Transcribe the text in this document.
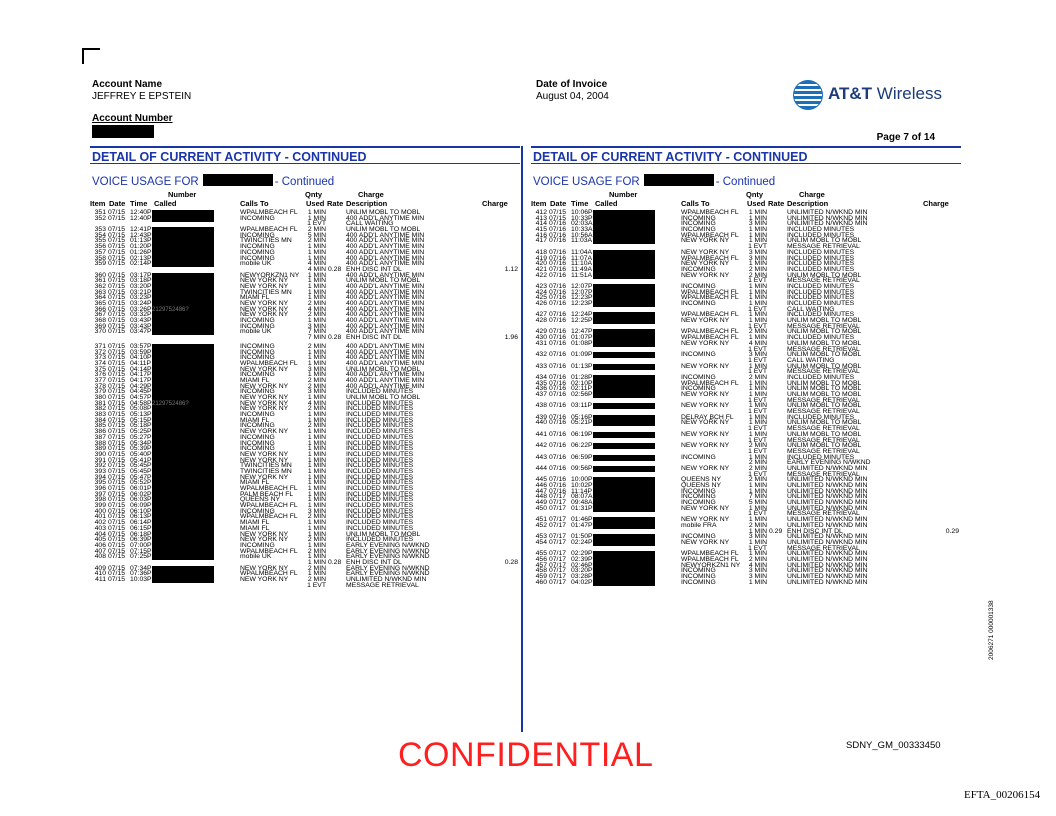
Account Name
JEFFREY E EPSTEIN
Account Number
Date of Invoice
August 04, 2004	AT&T Wireless
Page 7 of 14
DETAIL OF CURRENT ACTIVITY - CONTINUED
VOICE USAGE FOR	- Continued
Number	Qnty	Charge
Item Date Time Called	Calls To	Used Rate Description	Charge
351 07/15 12:40P	WPALMBEACH FL	1 MIN	UNLIM MOBL TO MOBL
352 07/15 12:40P	INCOMING	1 MIN	400 ADD'L ANYTIME MIN
1 EVT	CALL WAITING
353 07/15 12:41P	WPALMBEACH FL	2 MIN	UNLIM MOBL TO MOBL
354 07/15 12:43P	INCOMING	5 MIN	400 ADD'L ANYTIME MIN
355 07/15 01:13P	TWINCITIES MN	2 MIN	400 ADD'L ANYTIME MIN
356 07/15 01:20P	INCOMING	1 MIN	400 ADD'L ANYTIME MIN
357 07/15 01:26P	INCOMING	1 MIN	400 ADD'L ANYTIME MIN
358 07/15 02:13P	INCOMING	1 MIN	400 ADD'L ANYTIME MIN
359 07/15 02:14P	mobile UK	4 MIN	400 ADD'L ANYTIME MIN
4 MIN 0.28 ENH DISC INT DL	1.12
360 07/15 03:17P	NEWYORKZN1 NY	1 MIN	400 ADD'L ANYTIME MIN
361 07/15 03:18P	NEW YORK NY	1 MIN	UNLIM MOBL TO MOBL
362 07/15 03:20P	NEW YORK NY	1 MIN	400 ADD'L ANYTIME MIN
363 07/15 03:21P	TWINCITIES MN	1 MIN	400 ADD'L ANYTIME MIN
364 07/15 03:23P	MIAMI FL	1 MIN	400 ADD'L ANYTIME MIN
365 07/15 03:24P	NEW YORK NY	2 MIN	400 ADD'L ANYTIME MIN
366 07/15 03:26P 2129752486?	NEW YORK NY	4 MIN	400 ADD'L ANYTIME MIN
367 07/15 03:32P	NEW YORK NY	2 MIN	400 ADD'L ANYTIME MIN
368 07/15 03:43P	INCOMING	1 MIN	400 ADD'L ANYTIME MIN
369 07/15 03:43P	INCOMING	3 MIN	400 ADD'L ANYTIME MIN
370 07/15 03:47P	mobile UK	7 MIN	400 ADD'L ANYTIME MIN
7 MIN 0.28 ENH DISC INT DL	1.96
371 07/15 03:57P	INCOMING	2 MIN	400 ADD'L ANYTIME MIN
372 07/15 03:59P	INCOMING	1 MIN	400 ADD'L ANYTIME MIN
373 07/15 04:10P	INCOMING	1 MIN	400 ADD'L ANYTIME MIN
374 07/15 04:11P	WPALMBEACH FL	1 MIN	400 ADD'L ANYTIME MIN
375 07/15 04:14P	NEW YORK NY	3 MIN	UNLIM MOBL TO MOBL
376 07/15 04:17P	INCOMING	1 MIN	400 ADD'L ANYTIME MIN
377 07/15 04:17P	MIAMI FL	2 MIN	400 ADD'L ANYTIME MIN
378 07/15 04:29P	NEW YORK NY	2 MIN	400 ADD'L ANYTIME MIN
379 07/15 04:45P	INCOMING	3 MIN	INCLUDED MINUTES
380 07/15 04:57P	NEW YORK NY	1 MIN	UNLIM MOBL TO MOBL
381 07/15 04:58P 2129752486?	NEW YORK NY	4 MIN	INCLUDED MINUTES
382 07/15 05:08P	NEW YORK NY	2 MIN	INCLUDED MINUTES
383 07/15 05:13P	INCOMING	1 MIN	INCLUDED MINUTES
384 07/15 05:15P	MIAMI FL	1 MIN	INCLUDED MINUTES
385 07/15 05:18P	INCOMING	2 MIN	INCLUDED MINUTES
386 07/15 05:25P	NEW YORK NY	1 MIN	INCLUDED MINUTES
387 07/15 05:27P	INCOMING	1 MIN	INCLUDED MINUTES
388 07/15 05:34P	INCOMING	1 MIN	INCLUDED MINUTES
389 07/15 05:39P	INCOMING	1 MIN	INCLUDED MINUTES
390 07/15 05:40P	NEW YORK NY	1 MIN	INCLUDED MINUTES
391 07/15 05:41P	NEW YORK NY	1 MIN	INCLUDED MINUTES
392 07/15 05:45P	TWINCITIES MN	1 MIN	INCLUDED MINUTES
393 07/15 05:45P	TWINCITIES MN	1 MIN	INCLUDED MINUTES
394 07/15 05:47P	NEW YORK NY	1 MIN	INCLUDED MINUTES
395 07/15 05:52P	MIAMI FL	1 MIN	INCLUDED MINUTES
396 07/15 06:01P	WPALMBEACH FL	1 MIN	INCLUDED MINUTES
397 07/15 06:02P	PALM BEACH FL	1 MIN	INCLUDED MINUTES
398 07/15 06:03P	QUEENS NY	1 MIN	INCLUDED MINUTES
399 07/15 06:09P	WPALMBEACH FL	1 MIN	INCLUDED MINUTES
400 07/15 06:10P	INCOMING	3 MIN	INCLUDED MINUTES
401 07/15 06:13P	WPALMBEACH FL	2 MIN	INCLUDED MINUTES
402 07/15 06:14P	MIAMI FL	1 MIN	INCLUDED MINUTES
403 07/15 06:15P	MIAMI FL	1 MIN	INCLUDED MINUTES
404 07/15 06:18P	NEW YORK NY	1 MIN	UNLIM MOBL TO MOBL
405 07/15 06:39P	NEW YORK NY	2 MIN	INCLUDED MINUTES
406 07/15 07:00P	INCOMING	1 MIN	EARLY EVENING N/WKND
407 07/15 07:15P	WPALMBEACH FL	2 MIN	EARLY EVENING N/WKND
408 07/15 07:25P	mobile UK	1 MIN	EARLY EVENING N/WKND
1 MIN 0.28 ENH DISC INT DL	0.28
409 07/15 07:34P	NEW YORK NY	2 MIN	EARLY EVENING N/WKND
410 07/15 07:36P	WPALMBEACH FL	1 MIN	EARLY EVENING N/WKND
411 07/15 10:03P	NEW YORK NY	2 MIN	UNLIMITED N/WKND MIN
1 EVT	MESSAGE RETRIEVAL
DETAIL OF CURRENT ACTIVITY - CONTINUED
VOICE USAGE FOR	- Continued
Number	Qnty	Charge
Item Date Time Called	Calls To	Used Rate Description	Charge
412 07/15 10:06P	WPALMBEACH FL	1 MIN	UNLIMITED N/WKND MIN
413 07/15 10:33P	INCOMING	1 MIN	UNLIMITED N/WKND MIN
414 07/16 02:03A	INCOMING	3 MIN	UNLIMITED N/WKND MIN
415 07/16 10:33A	INCOMING	1 MIN	INCLUDED MINUTES
416 07/16 10:56A	WPALMBEACH FL	1 MIN	INCLUDED MINUTES
417 07/16 11:03A	NEW YORK NY	1 MIN	UNLIM MOBL TO MOBL
1 EVT	MESSAGE RETRIEVAL
418 07/16 11:04A	NEW YORK NY	3 MIN	INCLUDED MINUTES
419 07/16 11:07A	WPALMBEACH FL	3 MIN	INCLUDED MINUTES
420 07/16 11:10A	NEW YORK NY	1 MIN	INCLUDED MINUTES
421 07/16 11:49A	INCOMING	2 MIN	INCLUDED MINUTES
422 07/16 11:51A	NEW YORK NY	2 MIN	UNLIM MOBL TO MOBL
1 EVT	MESSAGE RETRIEVAL
423 07/16 12:07P	INCOMING	1 MIN	INCLUDED MINUTES
424 07/16 12:07P	WPALMBEACH FL	1 MIN	INCLUDED MINUTES
425 07/16 12:23P	WPALMBEACH FL	1 MIN	INCLUDED MINUTES
426 07/16 12:23P	INCOMING	1 MIN	INCLUDED MINUTES
1 EVT	CALL WAITING
427 07/16 12:24P	WPALMBEACH FL	1 MIN	INCLUDED MINUTES
428 07/16 12:25P	NEW YORK NY	1 MIN	UNLIM MOBL TO MOBL
1 EVT	MESSAGE RETRIEVAL
429 07/16 12:47P	WPALMBEACH FL	2 MIN	UNLIM MOBL TO MOBL
430 07/16 01:07P	WPALMBEACH FL	1 MIN	INCLUDED MINUTES
431 07/16 01:08P	NEW YORK NY	4 MIN	UNLIM MOBL TO MOBL
1 EVT	MESSAGE RETRIEVAL
432 07/16 01:09P	INCOMING	3 MIN	UNLIM MOBL TO MOBL
1 EVT	CALL WAITING
433 07/16 01:13P	NEW YORK NY	1 MIN	UNLIM MOBL TO MOBL
1 EVT	MESSAGE RETRIEVAL
434 07/16 01:28P	INCOMING	2 MIN	INCLUDED MINUTES
435 07/16 02:10P	WPALMBEACH FL	1 MIN	UNLIM MOBL TO MOBL
436 07/16 02:11P	INCOMING	1 MIN	UNLIM MOBL TO MOBL
437 07/16 02:56P	NEW YORK NY	1 MIN	UNLIM MOBL TO MOBL
1 EVT	MESSAGE RETRIEVAL
438 07/16 03:11P	NEW YORK NY	1 MIN	UNLIM MOBL TO MOBL
1 EVT	MESSAGE RETRIEVAL
439 07/16 05:16P	DELRAY BCH FL	1 MIN	INCLUDED MINUTES
440 07/16 05:21P	NEW YORK NY	1 MIN	UNLIM MOBL TO MOBL
1 EVT	MESSAGE RETRIEVAL
441 07/16 06:19P	NEW YORK NY	1 MIN	UNLIM MOBL TO MOBL
1 EVT	MESSAGE RETRIEVAL
442 07/16 06:22P	NEW YORK NY	2 MIN	UNLIM MOBL TO MOBL
1 EVT	MESSAGE RETRIEVAL
443 07/16 06:59P	INCOMING	1 MIN	INCLUDED MINUTES
2 MIN	EARLY EVENING N/WKND
444 07/16 09:56P	NEW YORK NY	2 MIN	UNLIMITED N/WKND MIN
1 EVT	MESSAGE RETRIEVAL
445 07/16 10:00P	QUEENS NY	2 MIN	UNLIMITED N/WKND MIN
446 07/16 10:02P	QUEENS NY	1 MIN	UNLIMITED N/WKND MIN
447 07/16 11:14P	INCOMING	1 MIN	UNLIMITED N/WKND MIN
448 07/17 08:07A	INCOMING	7 MIN	UNLIMITED N/WKND MIN
449 07/17 09:48A	INCOMING	5 MIN	UNLIMITED N/WKND MIN
450 07/17 01:31P	NEW YORK NY	1 MIN	UNLIMITED N/WKND MIN
1 EVT	MESSAGE RETRIEVAL
451 07/17 01:46P	NEW YORK NY	1 MIN	UNLIMITED N/WKND MIN
452 07/17 01:47P	mobile FRA	2 MIN	UNLIMITED N/WKND MIN
1 MIN 0.29 ENH DISC INT DL	0.29
453 07/17 01:50P	INCOMING	3 MIN	UNLIMITED N/WKND MIN
454 07/17 02:24P	NEW YORK NY	1 MIN	UNLIMITED N/WKND MIN
1 EVT	MESSAGE RETRIEVAL
455 07/17 02:29P	WPALMBEACH FL	1 MIN	UNLIMITED N/WKND MIN
456 07/17 02:39P	WPALMBEACH FL	2 MIN	UNLIMITED N/WKND MIN
457 07/17 02:46P	NEWYORKZN1 NY	4 MIN	UNLIMITED N/WKND MIN
458 07/17 03:20P	INCOMING	3 MIN	UNLIMITED N/WKND MIN
459 07/17 03:28P	INCOMING	3 MIN	UNLIMITED N/WKND MIN
460 07/17 04:02P	INCOMING	1 MIN	UNLIMITED N/WKND MIN
CONFIDENTIAL	SDNY_GM_00333450
EFTA_00206154
2006271 000001338
